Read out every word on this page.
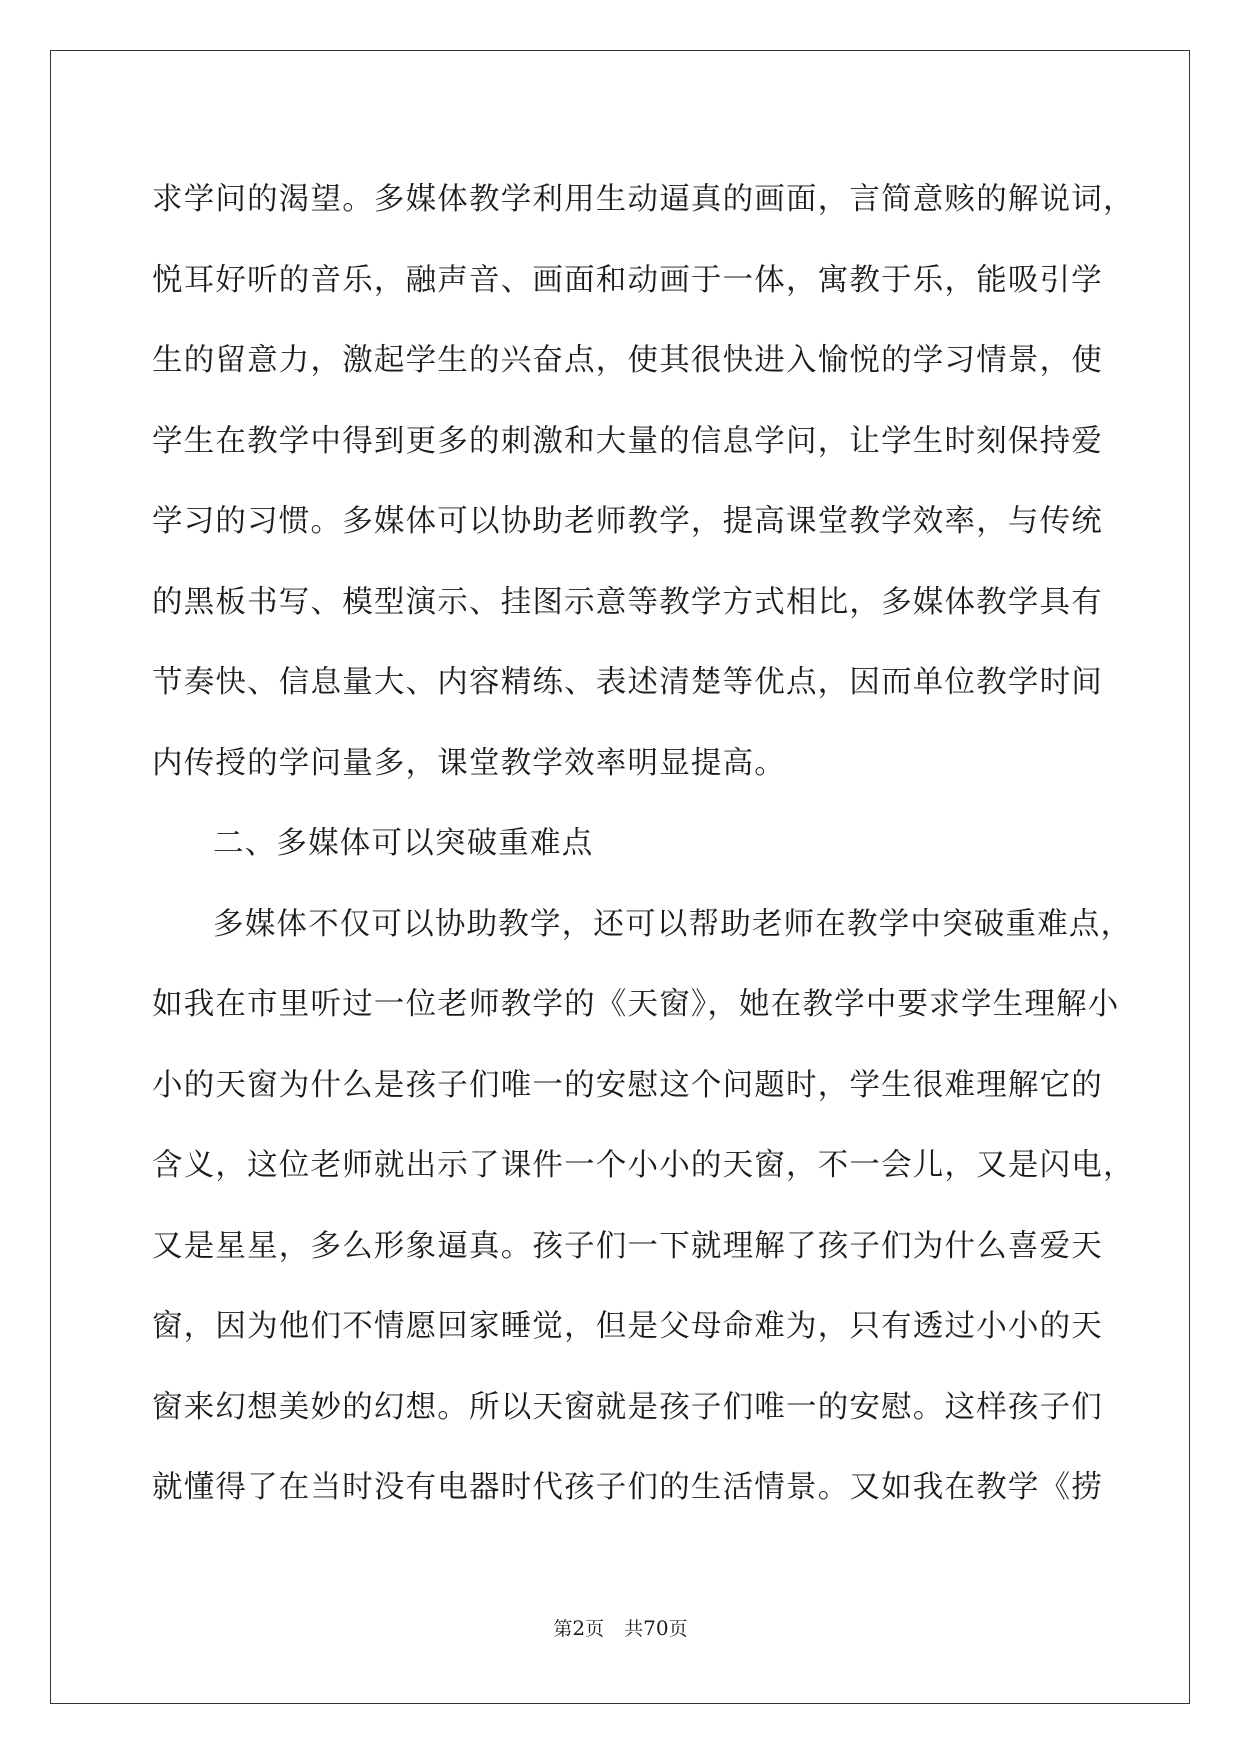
求学问的渴望。多媒体教学利用生动逼真的画面，言简意赅的解说词，
悦耳好听的音乐，融声音、画面和动画于一体，寓教于乐，能吸引学
生的留意力，激起学生的兴奋点，使其很快进入愉悦的学习情景，使
学生在教学中得到更多的刺激和大量的信息学问，让学生时刻保持爱
学习的习惯。多媒体可以协助老师教学，提高课堂教学效率，与传统
的黑板书写、模型演示、挂图示意等教学方式相比，多媒体教学具有
节奏快、信息量大、内容精练、表述清楚等优点，因而单位教学时间
内传授的学问量多，课堂教学效率明显提高。
二、多媒体可以突破重难点
多媒体不仅可以协助教学，还可以帮助老师在教学中突破重难点，
如我在市里听过一位老师教学的《天窗》，她在教学中要求学生理解小
小的天窗为什么是孩子们唯一的安慰这个问题时，学生很难理解它的
含义，这位老师就出示了课件一个小小的天窗，不一会儿，又是闪电，
又是星星，多么形象逼真。孩子们一下就理解了孩子们为什么喜爱天
窗，因为他们不情愿回家睡觉，但是父母命难为，只有透过小小的天
窗来幻想美妙的幻想。所以天窗就是孩子们唯一的安慰。这样孩子们
就懂得了在当时没有电器时代孩子们的生活情景。又如我在教学《捞
第2页 共70页
